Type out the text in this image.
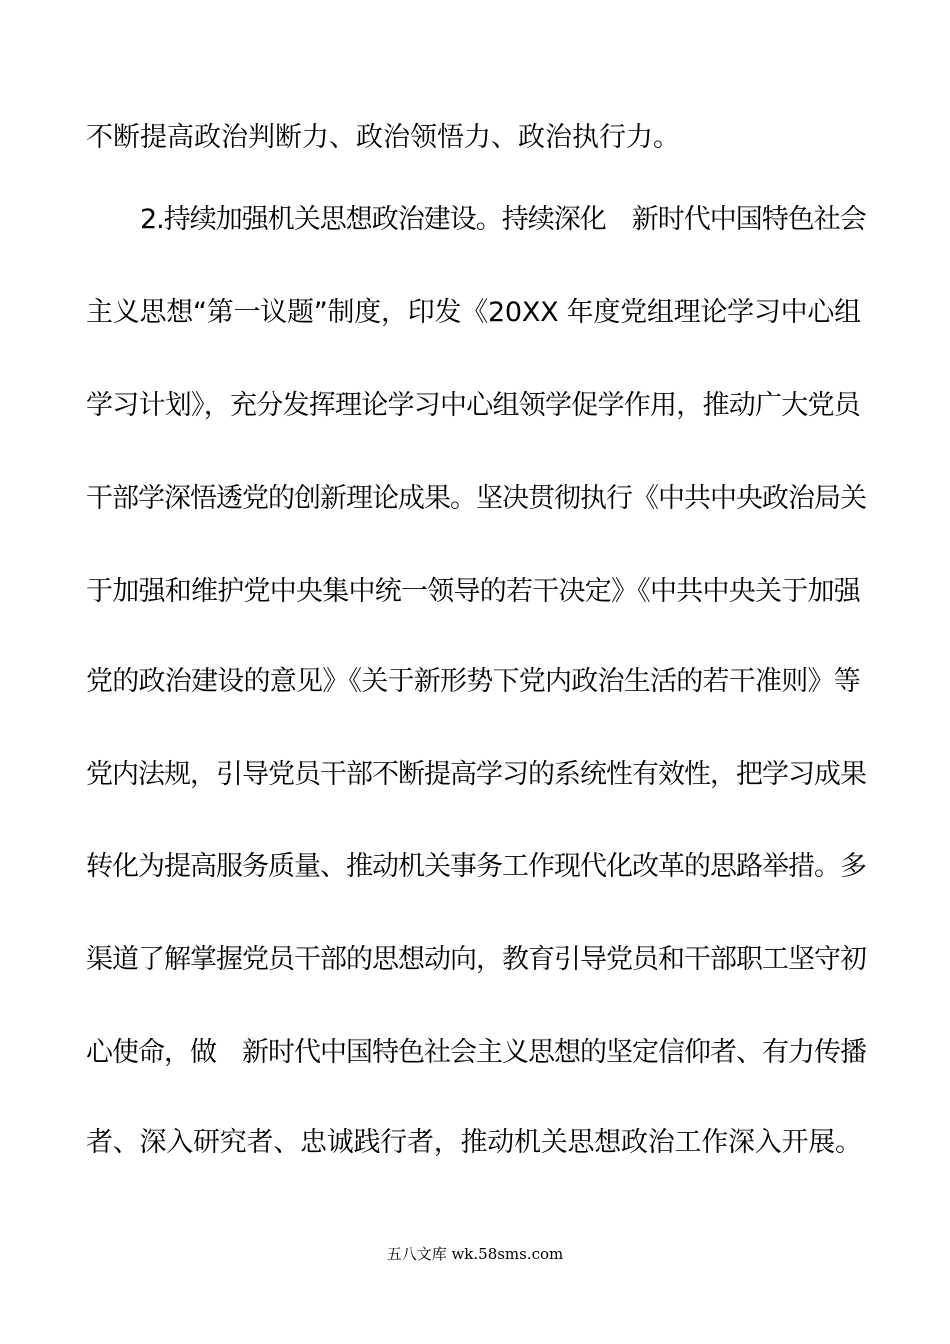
不断提高政治判断力、政治领悟力、政治执行力。
2.持续加强机关思想政治建设。持续深化　新时代中国特色社会
主义思想“第一议题”制度，印发《20XX 年度党组理论学习中心组
学习计划》，充分发挥理论学习中心组领学促学作用，推动广大党员
干部学深悟透党的创新理论成果。坚决贯彻执行《中共中央政治局关
于加强和维护党中央集中统一领导的若干决定》《中共中央关于加强
党的政治建设的意见》《关于新形势下党内政治生活的若干准则》等
党内法规，引导党员干部不断提高学习的系统性有效性，把学习成果
转化为提高服务质量、推动机关事务工作现代化改革的思路举措。多
渠道了解掌握党员干部的思想动向，教育引导党员和干部职工坚守初
心使命，做　新时代中国特色社会主义思想的坚定信仰者、有力传播
者、深入研究者、忠诚践行者，推动机关思想政治工作深入开展。
五八文库 wk.58sms.com
